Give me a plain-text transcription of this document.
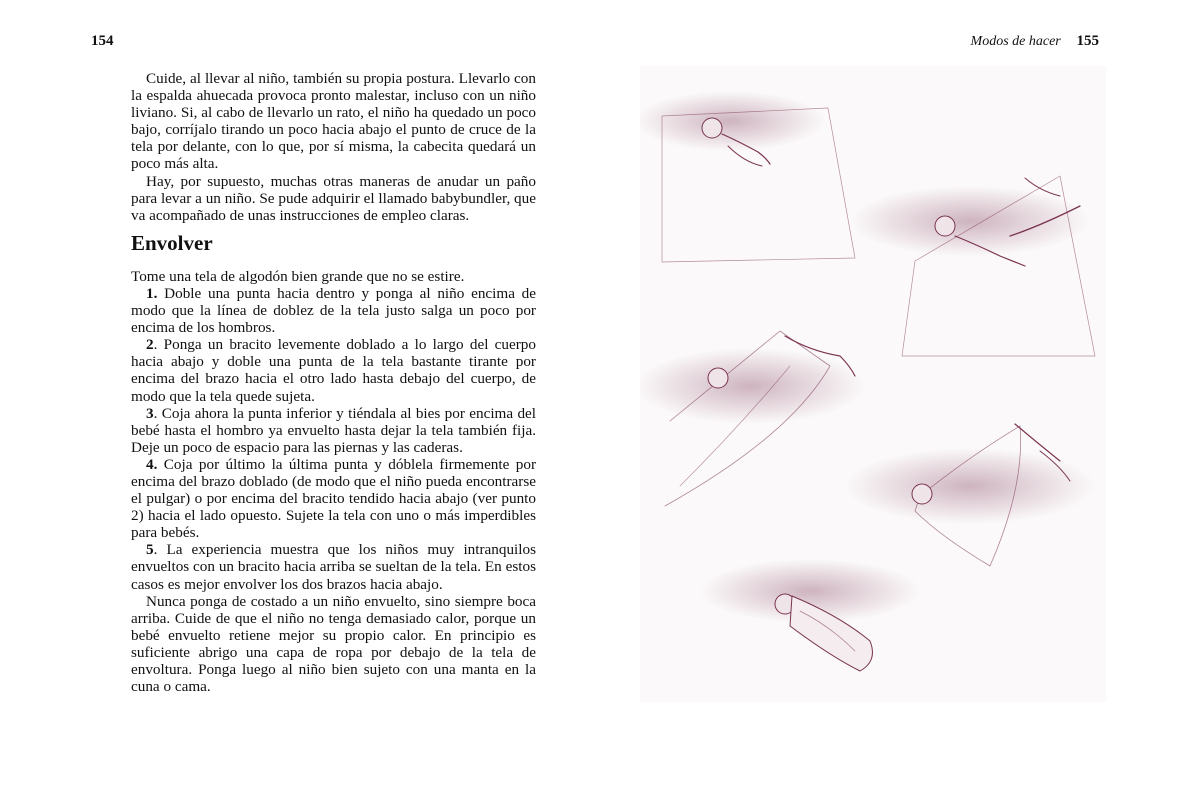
154	Modos de hacer 155

Cuide, al llevar al niño, también su propia postura. Llevarlo con la espalda ahuecada provoca pronto malestar, incluso con un niño liviano. Si, al cabo de llevarlo un rato, el niño ha quedado un poco bajo, corríjalo tirando un poco hacia abajo el punto de cruce de la tela por delante, con lo que, por sí misma, la cabecita quedará un poco más alta.

Hay, por supuesto, muchas otras maneras de anudar un paño para levar a un niño. Se pude adquirir el llamado babybundler, que va acompañado de unas instrucciones de empleo claras.

Envolver

Tome una tela de algodón bien grande que no se estire.

1. Doble una punta hacia dentro y ponga al niño encima de modo que la línea de doblez de la tela justo salga un poco por encima de los hombros.

2. Ponga un bracito levemente doblado a lo largo del cuerpo hacia abajo y doble una punta de la tela bastante tirante por encima del brazo hacia el otro lado hasta debajo del cuerpo, de modo que la tela quede sujeta.

3. Coja ahora la punta inferior y tiéndala al bies por encima del bebé hasta el hombro ya envuelto hasta dejar la tela también fija. Deje un poco de espacio para las piernas y las caderas.

4. Coja por último la última punta y dóblela firmemente por encima del brazo doblado (de modo que el niño pueda encontrarse el pulgar) o por encima del bracito tendido hacia abajo (ver punto 2) hacia el lado opuesto. Sujete la tela con uno o más imperdibles para bebés.

5. La experiencia muestra que los niños muy intranquilos envueltos con un bracito hacia arriba se sueltan de la tela. En estos casos es mejor envolver los dos brazos hacia abajo.

Nunca ponga de costado a un niño envuelto, sino siempre boca arriba. Cuide de que el niño no tenga demasiado calor, porque un bebé envuelto retiene mejor su propio calor. En principio es suficiente abrigo una capa de ropa por debajo de la tela de envoltura. Ponga luego al niño bien sujeto con una manta en la cuna o cama.
